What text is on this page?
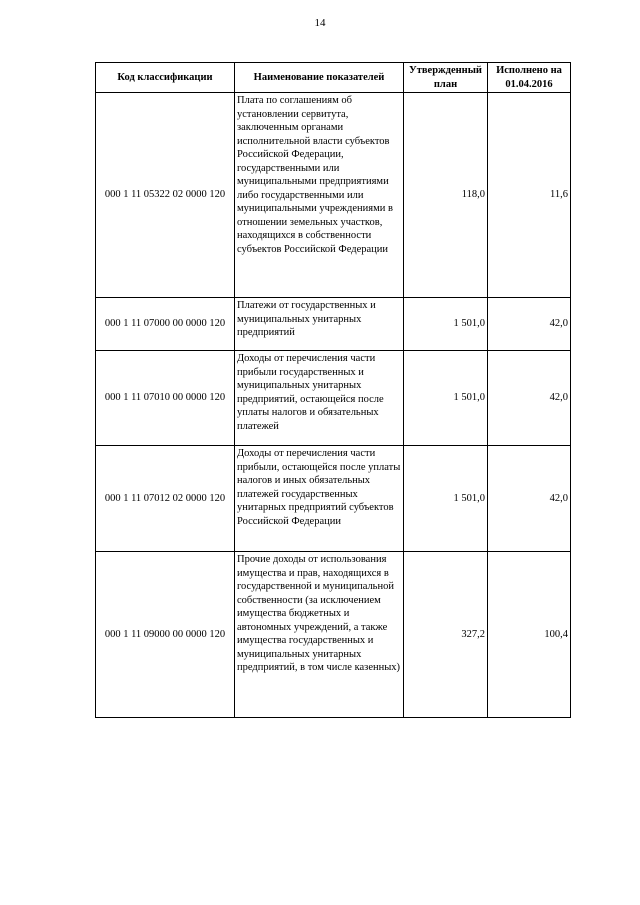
14
Код классификации	Наименование показателей	Утвержденный план	Исполнено на 01.04.2016
000 1 11 05322 02 0000 120	Плата по соглашениям об установлении сервитута, заключенным органами исполнительной власти субъектов Российской Федерации, государственными или муниципальными предприятиями либо государственными или муниципальными учреждениями в отношении земельных участков, находящихся в собственности субъектов Российской Федерации	118,0	11,6
000 1 11 07000 00 0000 120	Платежи от государственных и муниципальных унитарных предприятий	1 501,0	42,0
000 1 11 07010 00 0000 120	Доходы от перечисления части прибыли государственных и муниципальных унитарных предприятий, остающейся после уплаты налогов и обязательных платежей	1 501,0	42,0
000 1 11 07012 02 0000 120	Доходы от перечисления части прибыли, остающейся после уплаты налогов и иных обязательных платежей государственных унитарных предприятий субъектов Российской Федерации	1 501,0	42,0
000 1 11 09000 00 0000 120	Прочие доходы от использования имущества и прав, находящихся в государственной и муниципальной собственности (за исключением имущества бюджетных и автономных учреждений, а также имущества государственных и муниципальных унитарных предприятий, в том числе казенных)	327,2	100,4
